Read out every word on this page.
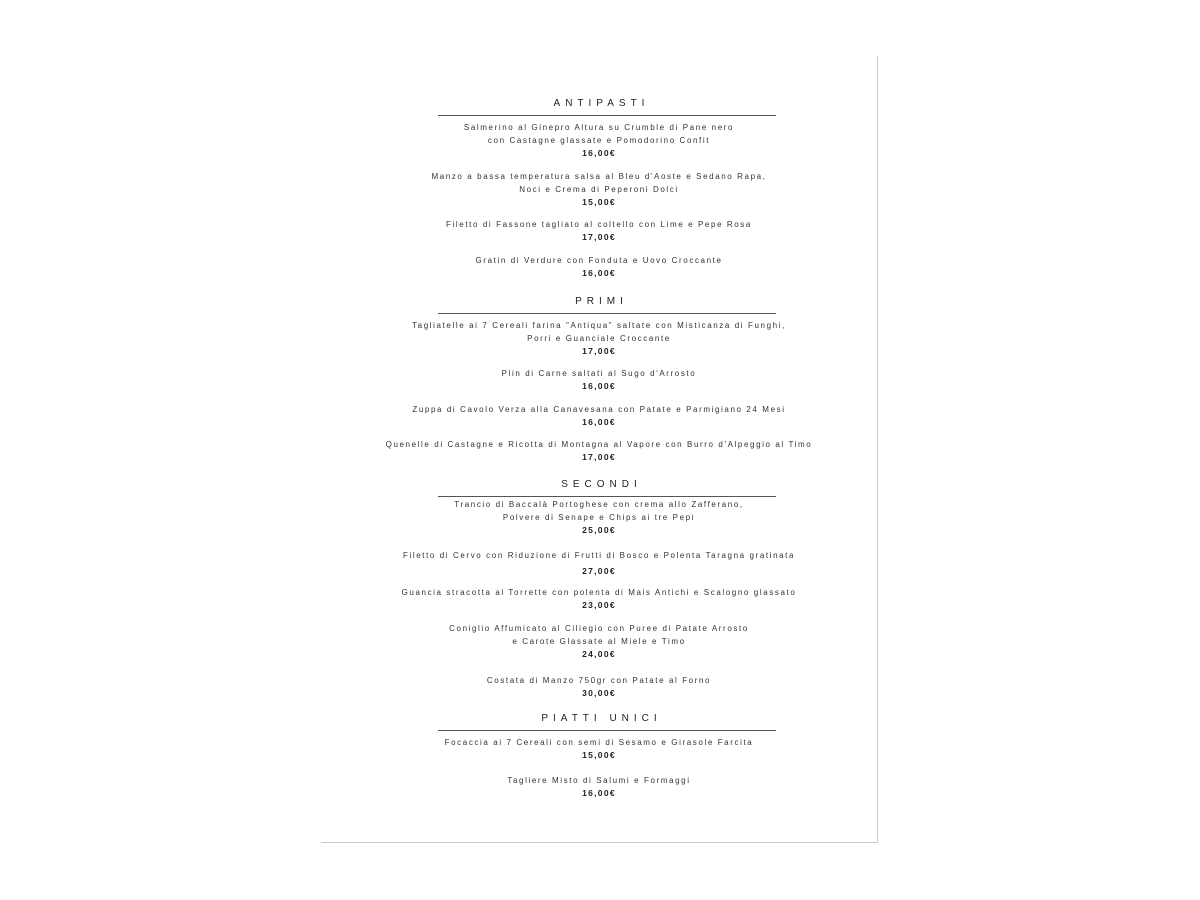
ANTIPASTI
Salmerino al Ginepro Altura su Crumble di Pane nero
con Castagne glassate e Pomodorino Confit
16,00€
Manzo a bassa temperatura salsa al Bleu d'Aoste e Sedano Rapa,
Noci e Crema di Peperoni Dolci
15,00€
Filetto di Fassone tagliato al coltello con Lime e Pepe Rosa
17,00€
Gratin di Verdure con Fonduta e Uovo Croccante
16,00€
PRIMI
Tagliatelle ai 7 Cereali farina "Antiqua" saltate con Misticanza di Funghi,
Porri e Guanciale Croccante
17,00€
Plin di Carne saltati al Sugo d'Arrosto
16,00€
Zuppa di Cavolo Verza alla Canavesana con Patate e Parmigiano 24 Mesi
16,00€
Quenelle di Castagne e Ricotta di Montagna al Vapore con Burro d'Alpeggio al Timo
17,00€
SECONDI
Trancio di Baccalà Portoghese con crema allo Zafferano,
Polvere di Senape e Chips ai tre Pepi
25,00€
Filetto di Cervo con Riduzione di Frutti di Bosco e Polenta Taragna gratinata
27,00€
Guancia stracotta al Torrette con polenta di Mais Antichi e Scalogno glassato
23,00€
Coniglio Affumicato al Ciliegio con Puree di Patate Arrosto
e Carote Glassate al Miele e Timo
24,00€
Costata di Manzo 750gr con Patate al Forno
30,00€
PIATTI UNICI
Focaccia ai 7 Cereali con semi di Sesamo e Girasole Farcita
15,00€
Tagliere Misto di Salumi e Formaggi
16,00€
